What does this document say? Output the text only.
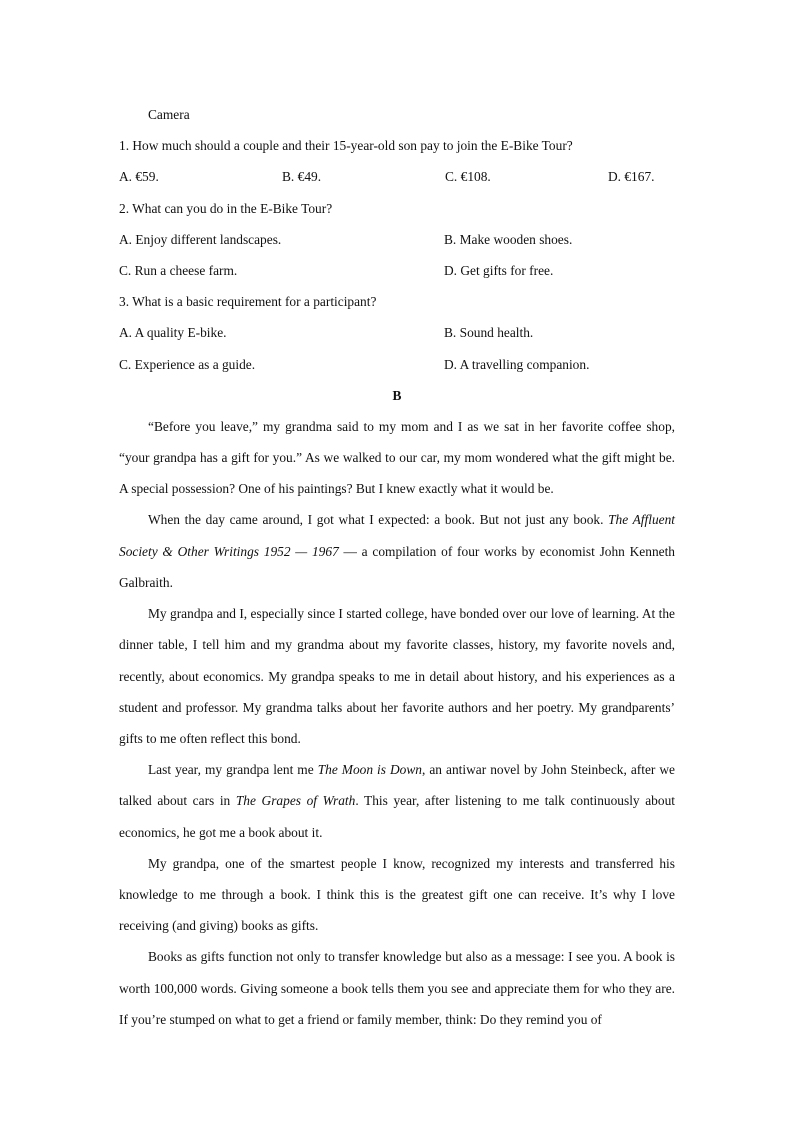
Camera
1. How much should a couple and their 15-year-old son pay to join the E-Bike Tour?
A. €59.	B. €49.	C. €108.	D. €167.
2. What can you do in the E-Bike Tour?
A. Enjoy different landscapes.	B. Make wooden shoes.
C. Run a cheese farm.	D. Get gifts for free.
3. What is a basic requirement for a participant?
A. A quality E-bike.	B. Sound health.
C. Experience as a guide.	D. A travelling companion.
B

“Before you leave,” my grandma said to my mom and I as we sat in her favorite coffee shop, “your grandpa has a gift for you.” As we walked to our car, my mom wondered what the gift might be. A special possession? One of his paintings? But I knew exactly what it would be.

When the day came around, I got what I expected: a book. But not just any book. The Affluent Society & Other Writings 1952 — 1967 — a compilation of four works by economist John Kenneth Galbraith.

My grandpa and I, especially since I started college, have bonded over our love of learning. At the dinner table, I tell him and my grandma about my favorite classes, history, my favorite novels and, recently, about economics. My grandpa speaks to me in detail about history, and his experiences as a student and professor. My grandma talks about her favorite authors and her poetry. My grandparents’ gifts to me often reflect this bond.

Last year, my grandpa lent me The Moon is Down, an antiwar novel by John Steinbeck, after we talked about cars in The Grapes of Wrath. This year, after listening to me talk continuously about economics, he got me a book about it.

My grandpa, one of the smartest people I know, recognized my interests and transferred his knowledge to me through a book. I think this is the greatest gift one can receive. It’s why I love receiving (and giving) books as gifts.

Books as gifts function not only to transfer knowledge but also as a message: I see you. A book is worth 100,000 words. Giving someone a book tells them you see and appreciate them for who they are. If you’re stumped on what to get a friend or family member, think: Do they remind you of
